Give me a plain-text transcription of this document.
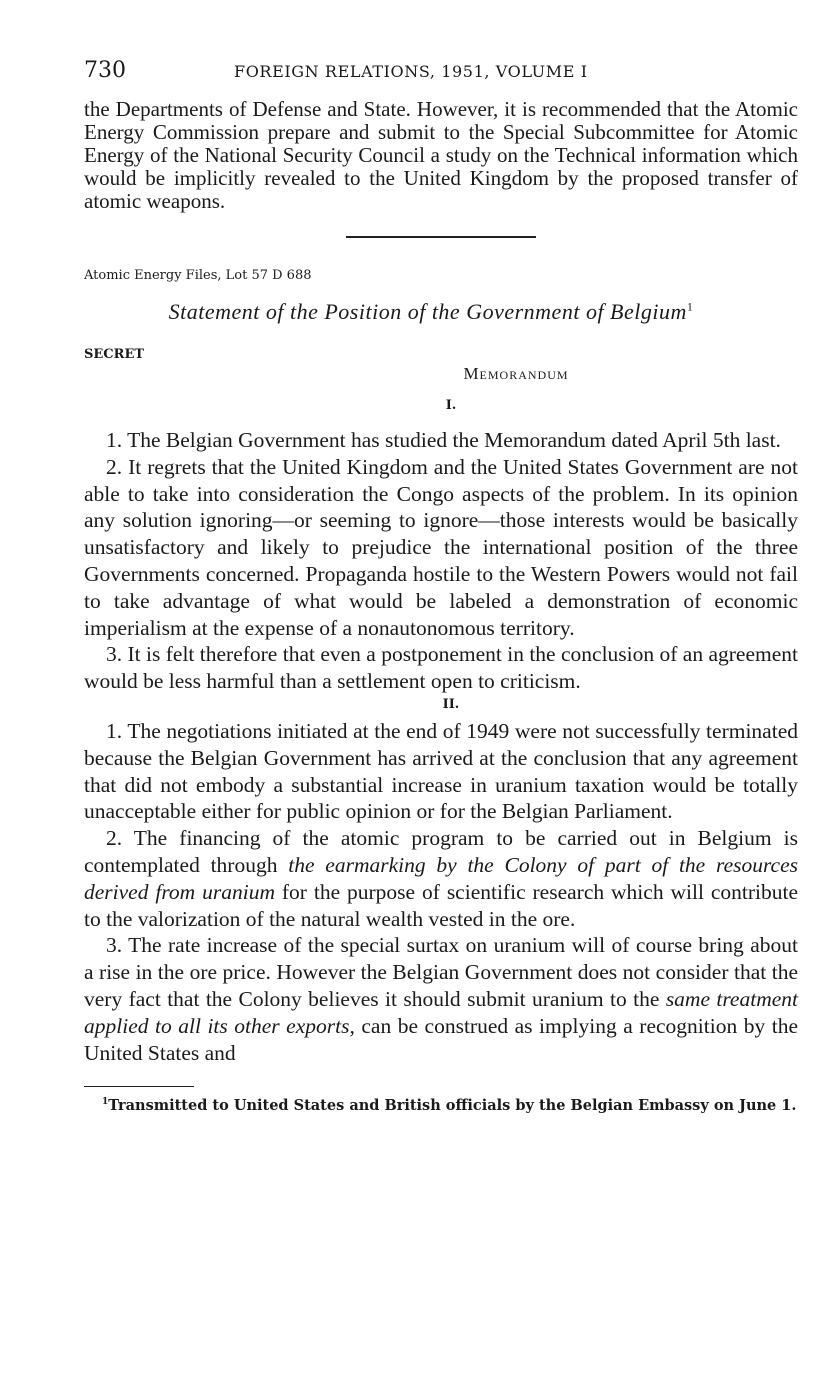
730	FOREIGN RELATIONS, 1951, VOLUME I

the Departments of Defense and State. However, it is recommended that the Atomic Energy Commission prepare and submit to the Special Subcommittee for Atomic Energy of the National Security Council a study on the Technical information which would be implicitly revealed to the United Kingdom by the proposed transfer of atomic weapons.

Atomic Energy Files, Lot 57 D 688
Statement of the Position of the Government of Belgium$^1$
SECRET
Memorandum
I.

1. The Belgian Government has studied the Memorandum dated April 5th last.

2. It regrets that the United Kingdom and the United States Government are not able to take into consideration the Congo aspects of the problem. In its opinion any solution ignoring—or seeming to ignore—those interests would be basically unsatisfactory and likely to prejudice the international position of the three Governments concerned. Propaganda hostile to the Western Powers would not fail to take advantage of what would be labeled a demonstration of economic imperialism at the expense of a nonautonomous territory.

3. It is felt therefore that even a postponement in the conclusion of an agreement would be less harmful than a settlement open to criticism.

II.

1. The negotiations initiated at the end of 1949 were not successfully terminated because the Belgian Government has arrived at the conclusion that any agreement that did not embody a substantial increase in uranium taxation would be totally unacceptable either for public opinion or for the Belgian Parliament.

2. The financing of the atomic program to be carried out in Belgium is contemplated through the earmarking by the Colony of part of the resources derived from uranium for the purpose of scientific research which will contribute to the valorization of the natural wealth vested in the ore.

3. The rate increase of the special surtax on uranium will of course bring about a rise in the ore price. However the Belgian Government does not consider that the very fact that the Colony believes it should submit uranium to the same treatment applied to all its other exports, can be construed as implying a recognition by the United States and

$^1$Transmitted to United States and British officials by the Belgian Embassy on June 1.
